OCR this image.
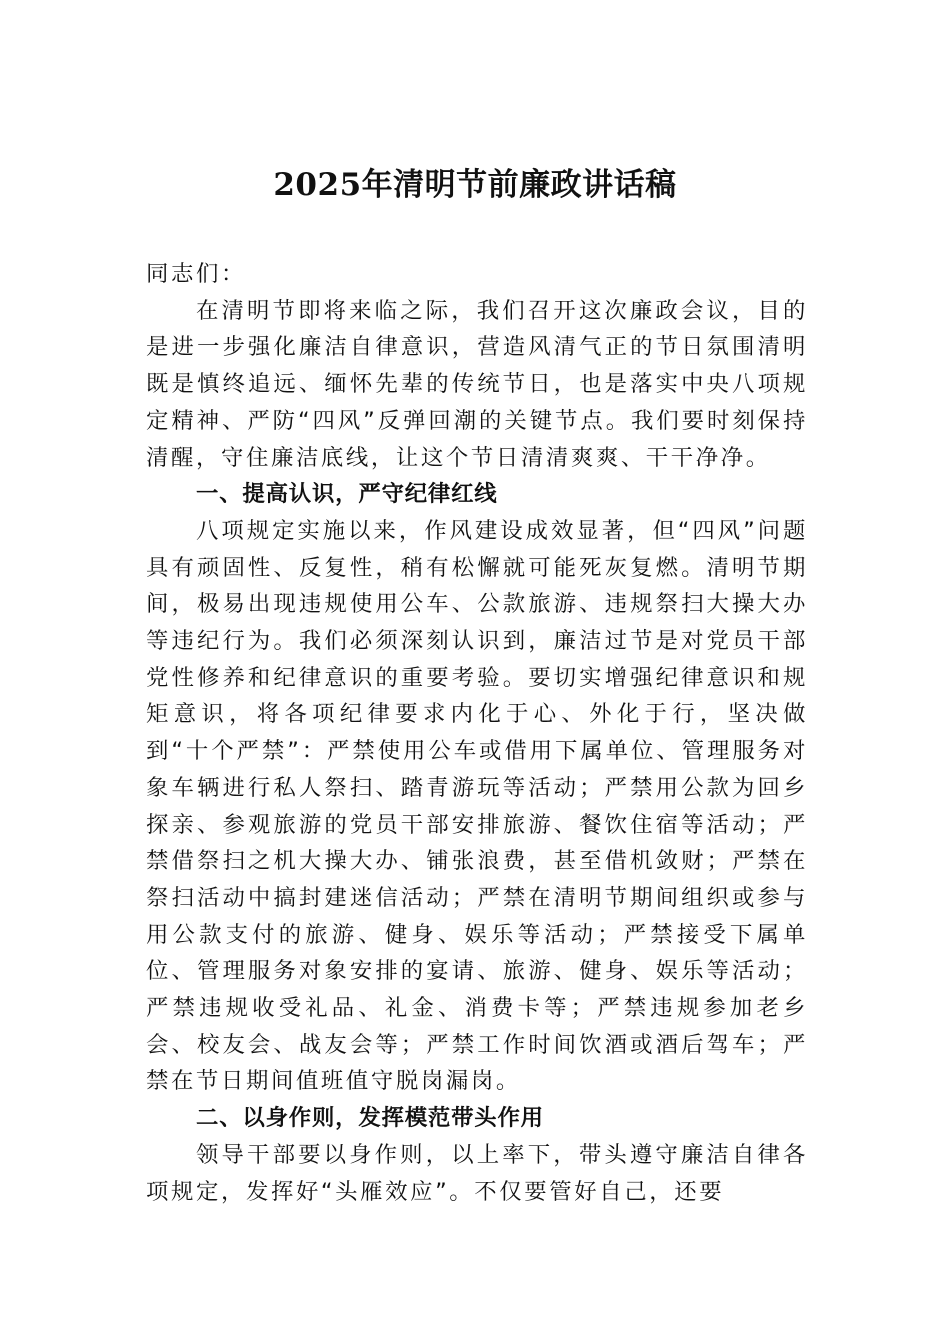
2025年清明节前廉政讲话稿

同志们：

在清明节即将来临之际，我们召开这次廉政会议，目的是进一步强化廉洁自律意识，营造风清气正的节日氛围清明既是慎终追远、缅怀先辈的传统节日，也是落实中央八项规定精神、严防“四风”反弹回潮的关键节点。我们要时刻保持清醒，守住廉洁底线，让这个节日清清爽爽、干干净净。

一、提高认识，严守纪律红线

八项规定实施以来，作风建设成效显著，但“四风”问题具有顽固性、反复性，稍有松懈就可能死灰复燃。清明节期间，极易出现违规使用公车、公款旅游、违规祭扫大操大办等违纪行为。我们必须深刻认识到，廉洁过节是对党员干部党性修养和纪律意识的重要考验。要切实增强纪律意识和规矩意识，将各项纪律要求内化于心、外化于行，坚决做到“十个严禁”：严禁使用公车或借用下属单位、管理服务对象车辆进行私人祭扫、踏青游玩等活动；严禁用公款为回乡探亲、参观旅游的党员干部安排旅游、餐饮住宿等活动；严禁借祭扫之机大操大办、铺张浪费，甚至借机敛财；严禁在祭扫活动中搞封建迷信活动；严禁在清明节期间组织或参与用公款支付的旅游、健身、娱乐等活动；严禁接受下属单位、管理服务对象安排的宴请、旅游、健身、娱乐等活动；严禁违规收受礼品、礼金、消费卡等；严禁违规参加老乡会、校友会、战友会等；严禁工作时间饮酒或酒后驾车；严禁在节日期间值班值守脱岗漏岗。

二、以身作则，发挥模范带头作用

领导干部要以身作则，以上率下，带头遵守廉洁自律各项规定，发挥好“头雁效应”。不仅要管好自己，还要
